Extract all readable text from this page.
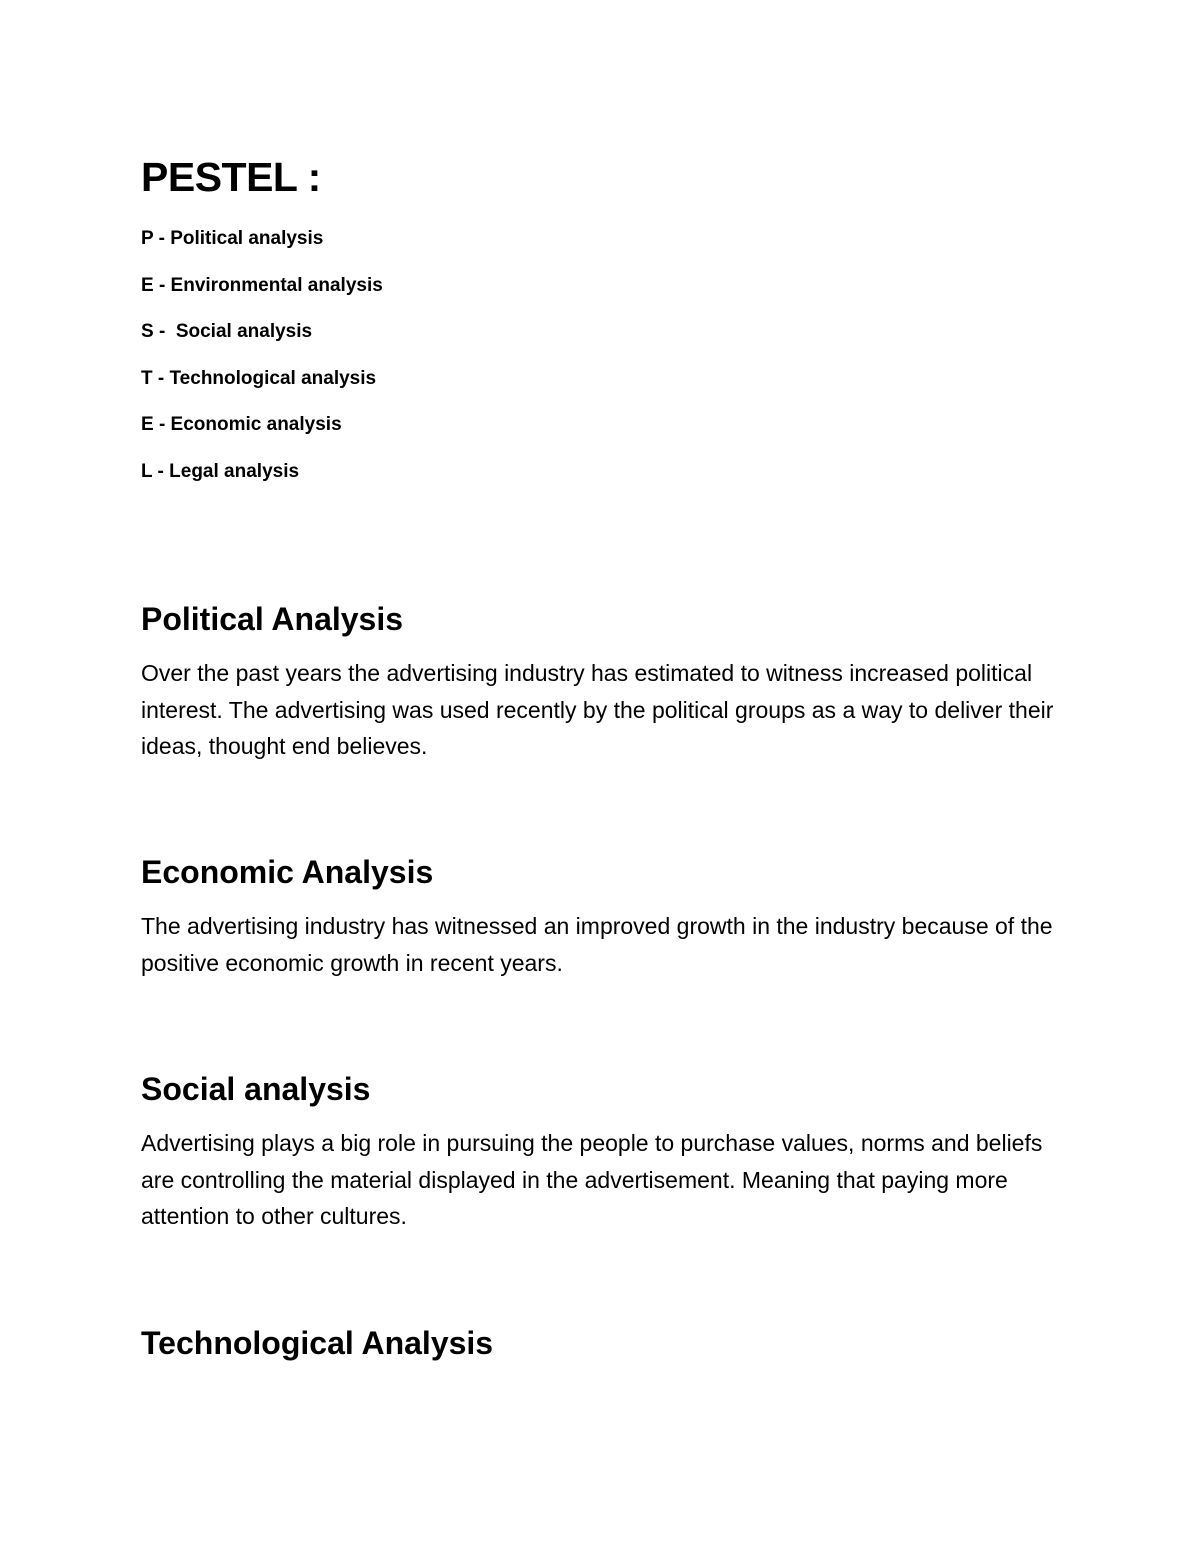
PESTEL :
P - Political analysis
E - Environmental analysis
S -  Social analysis
T - Technological analysis
E - Economic analysis
L - Legal analysis
Political Analysis

Over the past years the advertising industry has estimated to witness increased political interest. The advertising was used recently by the political groups as a way to deliver their ideas, thought end believes.

Economic Analysis

The advertising industry has witnessed an improved growth in the industry because of the positive economic growth in recent years.

Social analysis

Advertising plays a big role in pursuing the people to purchase values, norms and beliefs are controlling the material displayed in the advertisement. Meaning that paying more attention to other cultures.

Technological Analysis
